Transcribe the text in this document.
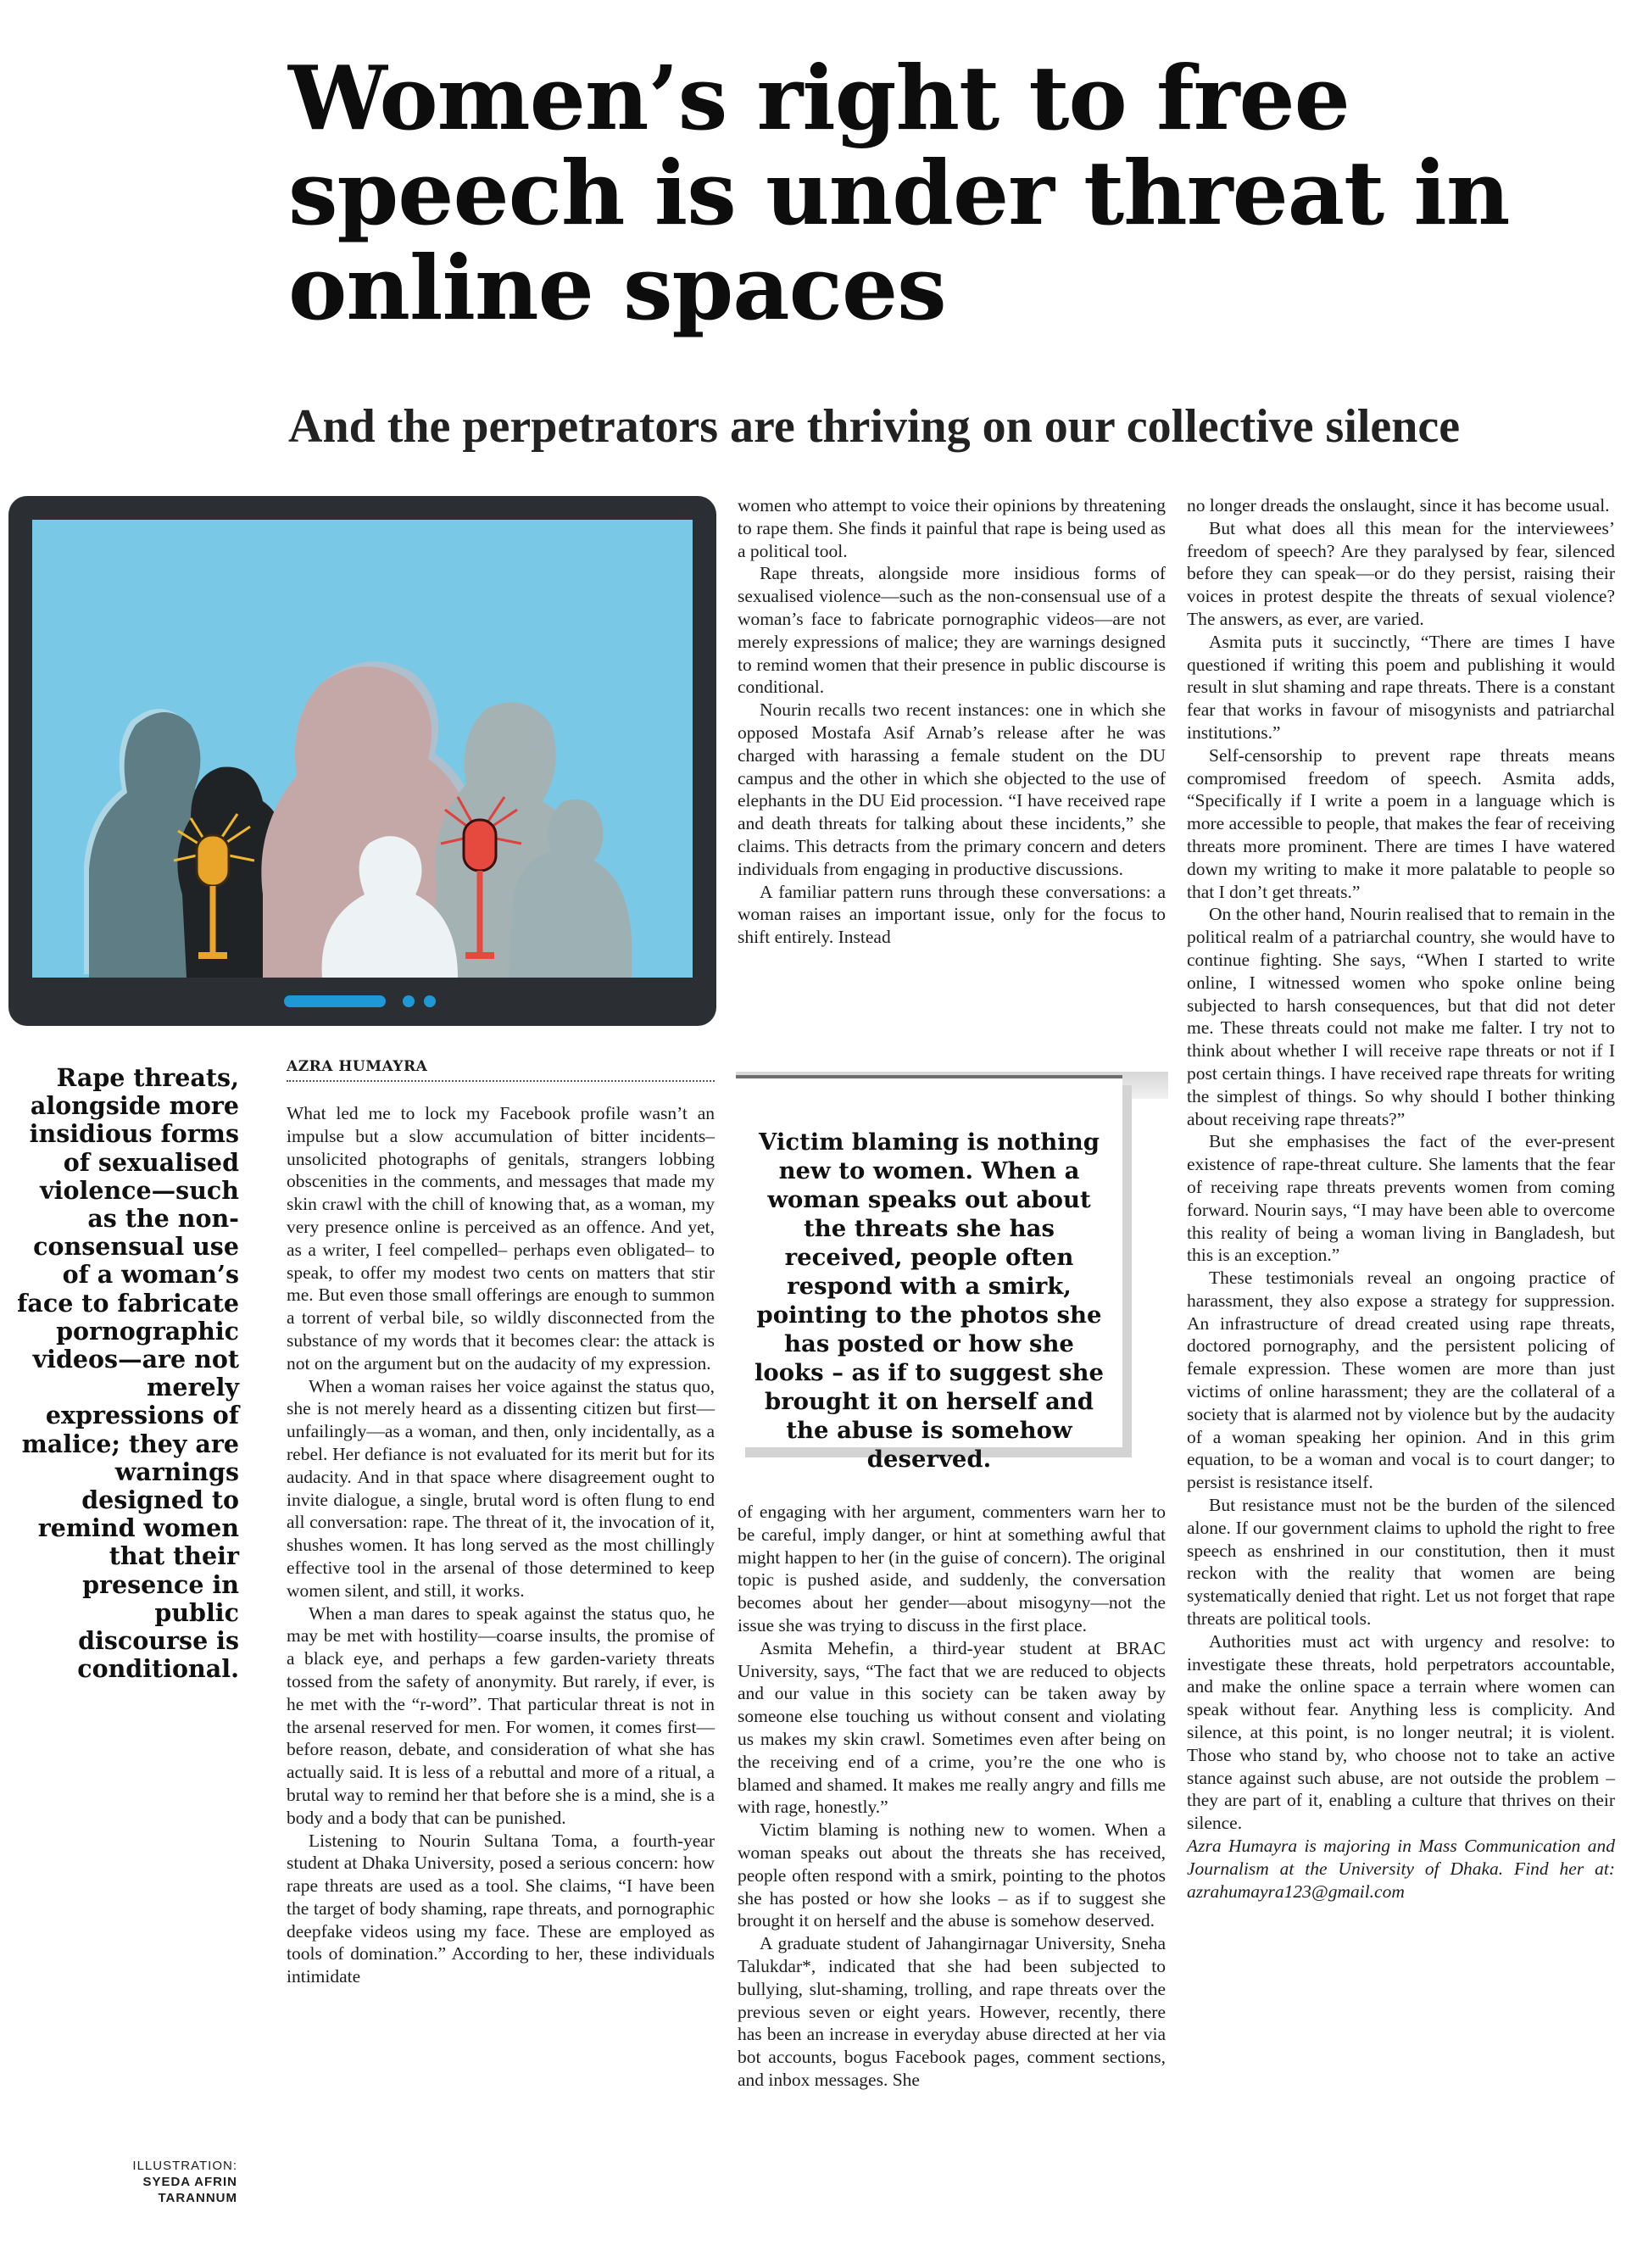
Women’s right to free speech is under threat in online spaces
And the perpetrators are thriving on our collective silence
Rape threats, alongside more insidious forms of sexualised violence—such as the non-consensual use of a woman’s face to fabricate pornographic videos—are not merely expressions of malice; they are warnings designed to remind women that their presence in public discourse is conditional.
AZRA HUMAYRA

What led me to lock my Facebook profile wasn’t an impulse but a slow accumulation of bitter incidents– unsolicited photographs of genitals, strangers lobbing obscenities in the comments, and messages that made my skin crawl with the chill of knowing that, as a woman, my very presence online is perceived as an offence. And yet, as a writer, I feel compelled– perhaps even obligated– to speak, to offer my modest two cents on matters that stir me. But even those small offerings are enough to summon a torrent of verbal bile, so wildly disconnected from the substance of my words that it becomes clear: the attack is not on the argument but on the audacity of my expression.

When a woman raises her voice against the status quo, she is not merely heard as a dissenting citizen but first—unfailingly—as a woman, and then, only incidentally, as a rebel. Her defiance is not evaluated for its merit but for its audacity. And in that space where disagreement ought to invite dialogue, a single, brutal word is often flung to end all conversation: rape. The threat of it, the invocation of it, shushes women. It has long served as the most chillingly effective tool in the arsenal of those determined to keep women silent, and still, it works.

When a man dares to speak against the status quo, he may be met with hostility—coarse insults, the promise of a black eye, and perhaps a few garden-variety threats tossed from the safety of anonymity. But rarely, if ever, is he met with the “r-word”. That particular threat is not in the arsenal reserved for men. For women, it comes first—before reason, debate, and consideration of what she has actually said. It is less of a rebuttal and more of a ritual, a brutal way to remind her that before she is a mind, she is a body and a body that can be punished.

Listening to Nourin Sultana Toma, a fourth-year student at Dhaka University, posed a serious concern: how rape threats are used as a tool. She claims, “I have been the target of body shaming, rape threats, and pornographic deepfake videos using my face. These are employed as tools of domination.” According to her, these individuals intimidate

women who attempt to voice their opinions by threatening to rape them. She finds it painful that rape is being used as a political tool.

Rape threats, alongside more insidious forms of sexualised violence—such as the non-consensual use of a woman’s face to fabricate pornographic videos—are not merely expressions of malice; they are warnings designed to remind women that their presence in public discourse is conditional.

Nourin recalls two recent instances: one in which she opposed Mostafa Asif Arnab’s release after he was charged with harassing a female student on the DU campus and the other in which she objected to the use of elephants in the DU Eid procession. “I have received rape and death threats for talking about these incidents,” she claims. This detracts from the primary concern and deters individuals from engaging in productive discussions.

A familiar pattern runs through these conversations: a woman raises an important issue, only for the focus to shift entirely. Instead

Victim blaming is nothing new to women. When a woman speaks out about the threats she has received, people often respond with a smirk, pointing to the photos she has posted or how she looks – as if to suggest she brought it on herself and the abuse is somehow deserved.

of engaging with her argument, commenters warn her to be careful, imply danger, or hint at something awful that might happen to her (in the guise of concern). The original topic is pushed aside, and suddenly, the conversation becomes about her gender—about misogyny—not the issue she was trying to discuss in the first place.

Asmita Mehefin, a third-year student at BRAC University, says, “The fact that we are reduced to objects and our value in this society can be taken away by someone else touching us without consent and violating us makes my skin crawl. Sometimes even after being on the receiving end of a crime, you’re the one who is blamed and shamed. It makes me really angry and fills me with rage, honestly.”

Victim blaming is nothing new to women. When a woman speaks out about the threats she has received, people often respond with a smirk, pointing to the photos she has posted or how she looks – as if to suggest she brought it on herself and the abuse is somehow deserved.

A graduate student of Jahangirnagar University, Sneha Talukdar*, indicated that she had been subjected to bullying, slut-shaming, trolling, and rape threats over the previous seven or eight years. However, recently, there has been an increase in everyday abuse directed at her via bot accounts, bogus Facebook pages, comment sections, and inbox messages. She

no longer dreads the onslaught, since it has become usual.

But what does all this mean for the interviewees’ freedom of speech? Are they paralysed by fear, silenced before they can speak—or do they persist, raising their voices in protest despite the threats of sexual violence? The answers, as ever, are varied.

Asmita puts it succinctly, “There are times I have questioned if writing this poem and publishing it would result in slut shaming and rape threats. There is a constant fear that works in favour of misogynists and patriarchal institutions.”

Self-censorship to prevent rape threats means compromised freedom of speech. Asmita adds, “Specifically if I write a poem in a language which is more accessible to people, that makes the fear of receiving threats more prominent. There are times I have watered down my writing to make it more palatable to people so that I don’t get threats.”

On the other hand, Nourin realised that to remain in the political realm of a patriarchal country, she would have to continue fighting. She says, “When I started to write online, I witnessed women who spoke online being subjected to harsh consequences, but that did not deter me. These threats could not make me falter. I try not to think about whether I will receive rape threats or not if I post certain things. I have received rape threats for writing the simplest of things. So why should I bother thinking about receiving rape threats?”

But she emphasises the fact of the ever-present existence of rape-threat culture. She laments that the fear of receiving rape threats prevents women from coming forward. Nourin says, “I may have been able to overcome this reality of being a woman living in Bangladesh, but this is an exception.”

These testimonials reveal an ongoing practice of harassment, they also expose a strategy for suppression. An infrastructure of dread created using rape threats, doctored pornography, and the persistent policing of female expression. These women are more than just victims of online harassment; they are the collateral of a society that is alarmed not by violence but by the audacity of a woman speaking her opinion. And in this grim equation, to be a woman and vocal is to court danger; to persist is resistance itself.

But resistance must not be the burden of the silenced alone. If our government claims to uphold the right to free speech as enshrined in our constitution, then it must reckon with the reality that women are being systematically denied that right. Let us not forget that rape threats are political tools.

Authorities must act with urgency and resolve: to investigate these threats, hold perpetrators accountable, and make the online space a terrain where women can speak without fear. Anything less is complicity. And silence, at this point, is no longer neutral; it is violent. Those who stand by, who choose not to take an active stance against such abuse, are not outside the problem – they are part of it, enabling a culture that thrives on their silence.

Azra Humayra is majoring in Mass Communication and Journalism at the University of Dhaka. Find her at: azrahumayra123@gmail.com

ILLUSTRATION:
SYEDA AFRIN
TARANNUM
